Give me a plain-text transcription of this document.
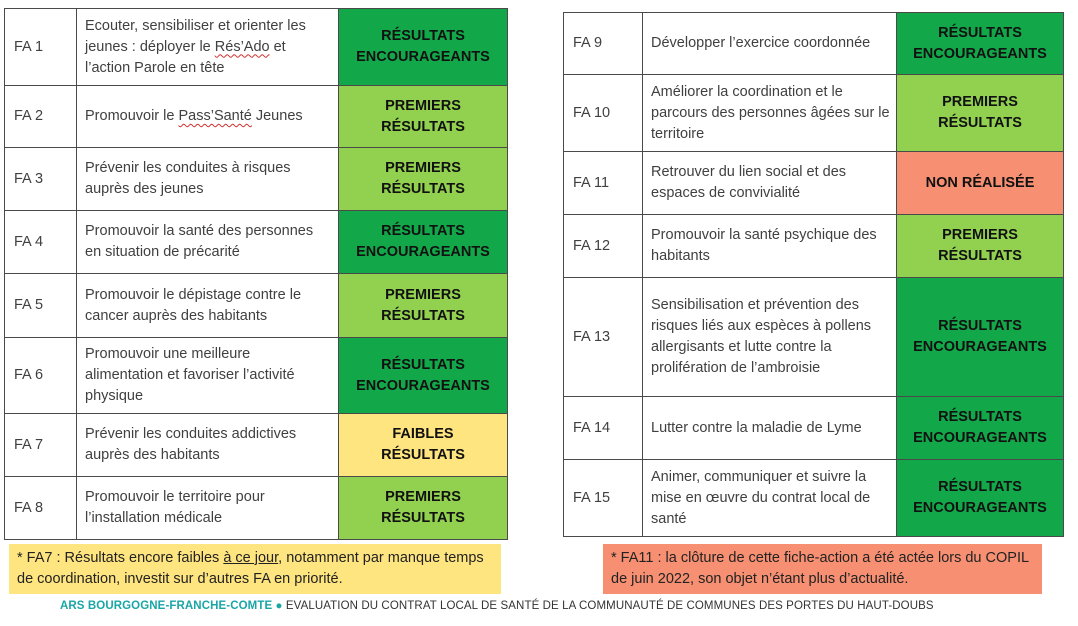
FA 1	Ecouter, sensibiliser et orienter les jeunes : déployer le Rés’Ado et l’action Parole en tête	RÉSULTATS
ENCOURAGEANTS
FA 2	Promouvoir le Pass’Santé Jeunes	PREMIERS
RÉSULTATS
FA 3	Prévenir les conduites à risques auprès des jeunes	PREMIERS
RÉSULTATS
FA 4	Promouvoir la santé des personnes en situation de précarité	RÉSULTATS
ENCOURAGEANTS
FA 5	Promouvoir le dépistage contre le cancer auprès des habitants	PREMIERS
RÉSULTATS
FA 6	Promouvoir une meilleure alimentation et favoriser l’activité physique	RÉSULTATS
ENCOURAGEANTS
FA 7	Prévenir les conduites addictives auprès des habitants	FAIBLES
RÉSULTATS
FA 8	Promouvoir le territoire pour l’installation médicale	PREMIERS
RÉSULTATS
FA 9	Développer l’exercice coordonnée	RÉSULTATS
ENCOURAGEANTS
FA 10	Améliorer la coordination et le parcours des personnes âgées sur le territoire	PREMIERS
RÉSULTATS
FA 11	Retrouver du lien social et des espaces de convivialité	NON RÉALISÉE
FA 12	Promouvoir la santé psychique des habitants	PREMIERS
RÉSULTATS
FA 13	Sensibilisation et prévention des risques liés aux espèces à pollens allergisants et lutte contre la prolifération de l’ambroisie	RÉSULTATS
ENCOURAGEANTS
FA 14	Lutter contre la maladie de Lyme	RÉSULTATS
ENCOURAGEANTS
FA 15	Animer, communiquer et suivre la mise en œuvre du contrat local de santé	RÉSULTATS
ENCOURAGEANTS
* FA7 : Résultats encore faibles à ce jour, notamment par manque temps de coordination, investit sur d’autres FA en priorité.
* FA11 : la clôture de cette fiche-action a été actée lors du COPIL de juin 2022, son objet n’étant plus d’actualité.
ARS BOURGOGNE-FRANCHE-COMTE ● EVALUATION DU CONTRAT LOCAL DE SANTÉ DE LA COMMUNAUTÉ DE COMMUNES DES PORTES DU HAUT-DOUBS
